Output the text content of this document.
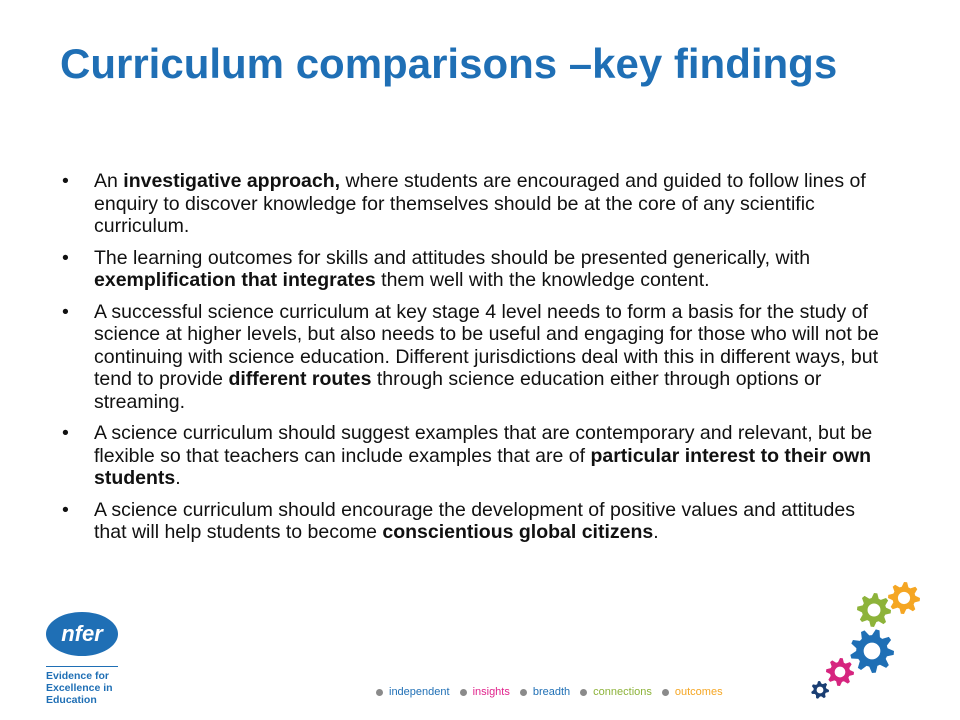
Curriculum comparisons –key findings
• An investigative approach, where students are encouraged and guided to follow lines of enquiry to discover knowledge for themselves should be at the core of any scientific curriculum.
• The learning outcomes for skills and attitudes should be presented generically, with exemplification that integrates them well with the knowledge content.
• A successful science curriculum at key stage 4 level needs to form a basis for the study of science at higher levels, but also needs to be useful and engaging for those who will not be continuing with science education. Different jurisdictions deal with this in different ways, but tend to provide different routes through science education either through options or streaming.
• A science curriculum should suggest examples that are contemporary and relevant, but be flexible so that teachers can include examples that are of particular interest to their own students.
• A science curriculum should encourage the development of positive values and attitudes that will help students to become conscientious global citizens.
nfer
Evidence for
Excellence in
Education
independent insights breadth connections outcomes
